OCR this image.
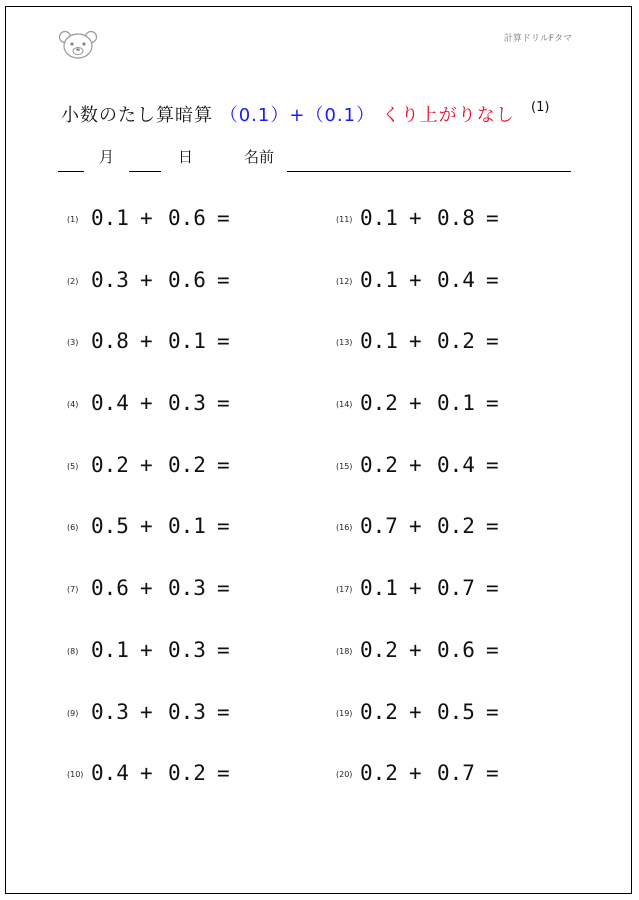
計算ドリルFタマ
小数のたし算暗算 （0.1）+（0.1） くり上がりなし (1)
月	日	名前
(1) 0.1 + 0.6 =
(2) 0.3 + 0.6 =
(3) 0.8 + 0.1 =
(4) 0.4 + 0.3 =
(5) 0.2 + 0.2 =
(6) 0.5 + 0.1 =
(7) 0.6 + 0.3 =
(8) 0.1 + 0.3 =
(9) 0.3 + 0.3 =
(10) 0.4 + 0.2 =
(11) 0.1 + 0.8 =
(12) 0.1 + 0.4 =
(13) 0.1 + 0.2 =
(14) 0.2 + 0.1 =
(15) 0.2 + 0.4 =
(16) 0.7 + 0.2 =
(17) 0.1 + 0.7 =
(18) 0.2 + 0.6 =
(19) 0.2 + 0.5 =
(20) 0.2 + 0.7 =
